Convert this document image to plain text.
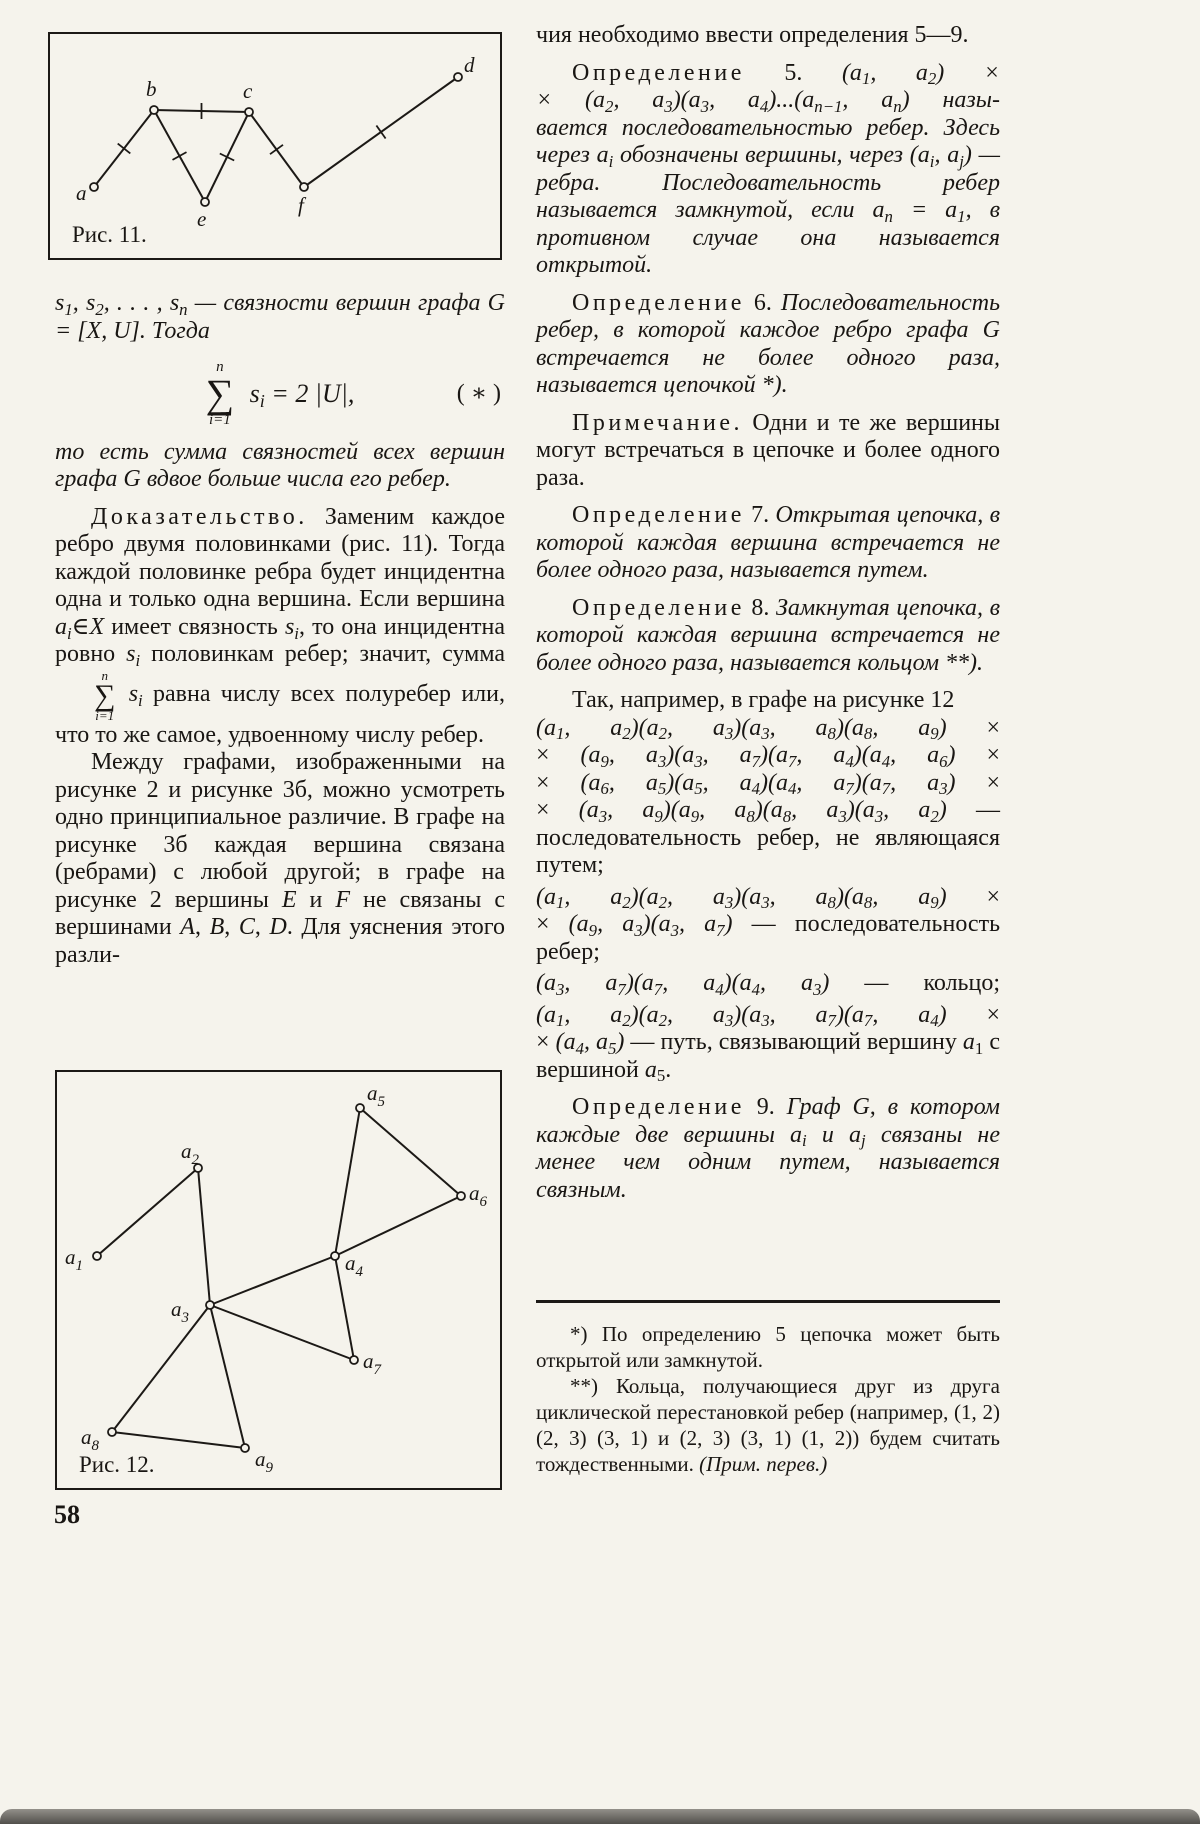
a
b	c
e
f
d
Рис. 11.

$s_1$, $s_2$, . . . , $s_n$ — связности вершин графа G = [X, U]. Тогда

n
∑
i=1
$s_i = 2$ |U|,	( ∗ )

то есть сумма связностей всех вершин графа G вдвое больше числа его ребер.

Доказательство. Заменим каждое ребро двумя половинками (рис. 11). Тогда каждой половинке ребра будет инцидентна одна и только одна вершина. Если вершина $a_i\in X$ имеет связность $s_i$, то она инцидентна ровно $s_i$ половинкам ребер; значит, сумма
n
∑
i=1
$s_i$ равна числу всех полуребер или, что то же самое, удвоенному числу ребер.

Между графами, изображенными на рисунке 2 и рисунке 3б, можно усмотреть одно принципиальное различие. В графе на рисунке 3б каждая вершина связана (ребрами) с любой другой; в графе на рисунке 2 вершины E и F не связаны с вершинами A, B, C, D. Для уяснения этого разли-

$a_1$
$a_2$
$a_3$
$a_4$
$a_5$
$a_6$
$a_7$
$a_8$
$a_9$
Рис. 12.

чия необходимо ввести определения 5—9.

Определение 5. ($a_1$, $a_2$) ×
× ($a_2$, $a_3)(a_3$, $a_4)...(a_{n-1}$, $a_n$) назы-
вается последовательностью ребер. Здесь через $a_i$ обозначены вершины, через ($a_i$, $a_j$) — ребра. Последовательность ребер называется замкнутой, если $a_n = a_1$, в противном случае она называется открытой.

Определение 6. Последовательность ребер, в которой каждое ребро графа G встречается не более одного раза, называется цепочкой *).

Примечание. Одни и те же вершины могут встречаться в цепочке и более одного раза.

Определение 7. Открытая цепочка, в которой каждая вершина встречается не более одного раза, называется путем.

Определение 8. Замкнутая цепочка, в которой каждая вершина встречается не более одного раза, называется кольцом **).

Так, например, в графе на рисунке 12

($a_1$, $a_2)(a_2$, $a_3)(a_3$, $a_8)(a_8$, $a_9$) ×
× ($a_9$, $a_3)(a_3$, $a_7)(a_7$, $a_4)(a_4$, $a_6$) ×
× ($a_6$, $a_5)(a_5$, $a_4)(a_4$, $a_7)(a_7$, $a_3$) ×
× ($a_3$, $a_9)(a_9$, $a_8)(a_8$, $a_3)(a_3$, $a_2$) —
последовательность ребер, не являющаяся путем;

($a_1$, $a_2)(a_2$, $a_3)(a_3$, $a_8)(a_8$, $a_9$) ×
× ($a_9$, $a_3)(a_3$, $a_7$) — последовательность ребер;

($a_3$, $a_7)(a_7$, $a_4)(a_4$, $a_3$) — кольцо;

($a_1$, $a_2)(a_2$, $a_3)(a_3$, $a_7)(a_7$, $a_4$) ×
× ($a_4$, $a_5$) — путь, связывающий вершину $a_1$ с вершиной $a_5$.

Определение 9. Граф G, в котором каждые две вершины $a_i$ и $a_j$ связаны не менее чем одним путем, называется связным.

*) По определению 5 цепочка может быть открытой или замкнутой.

**) Кольца, получающиеся друг из друга циклической перестановкой ребер (например, (1, 2) (2, 3) (3, 1) и (2, 3) (3, 1) (1, 2)) будем считать тождественными. (Прим. перев.)

58
